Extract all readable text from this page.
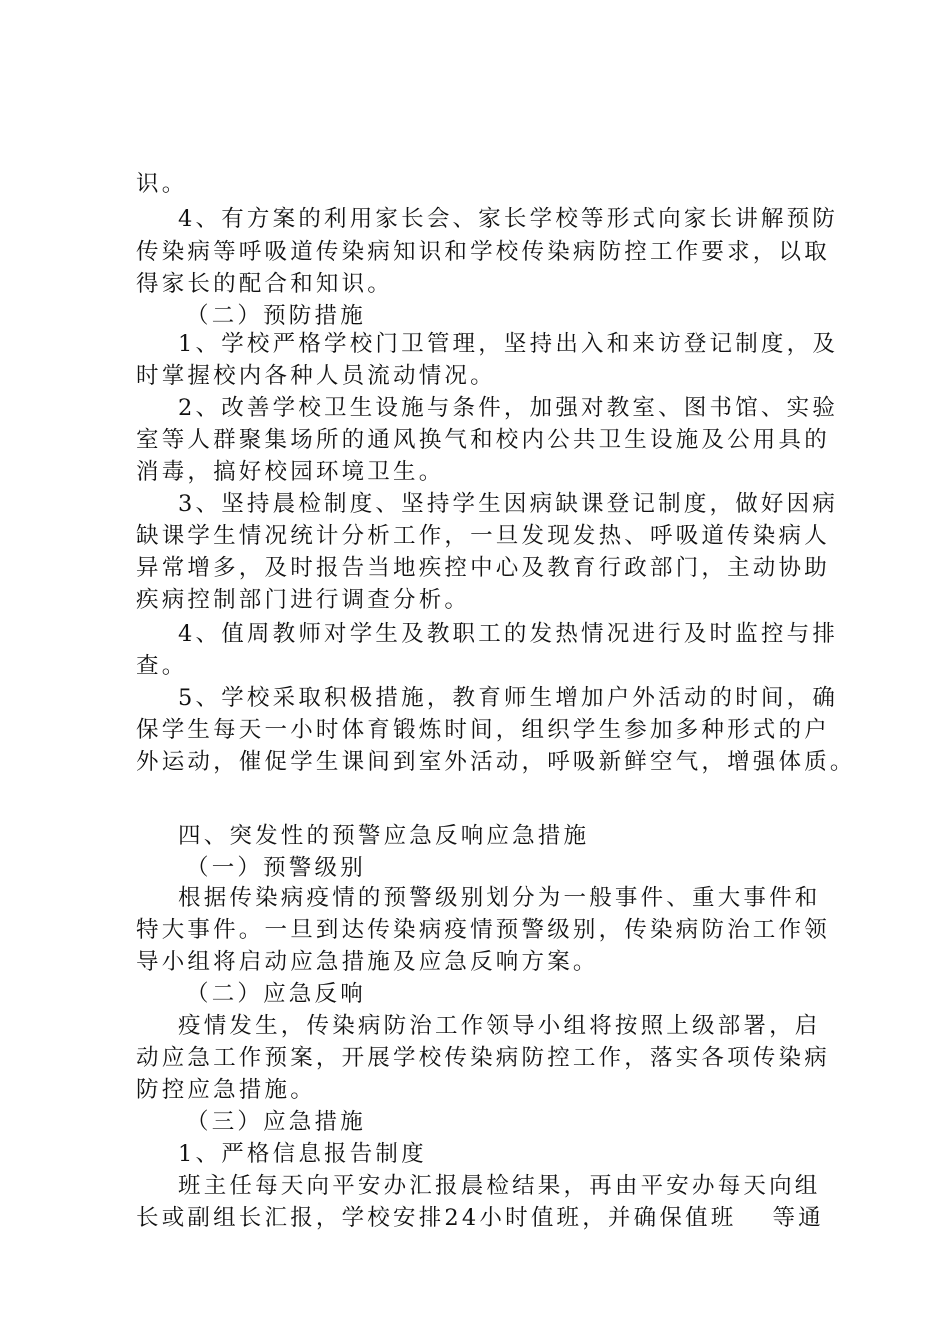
识。
4、有方案的利用家长会、家长学校等形式向家长讲解预防
传染病等呼吸道传染病知识和学校传染病防控工作要求，以取
得家长的配合和知识。
（二）预防措施
1、学校严格学校门卫管理，坚持出入和来访登记制度，及
时掌握校内各种人员流动情况。
2、改善学校卫生设施与条件，加强对教室、图书馆、实验
室等人群聚集场所的通风换气和校内公共卫生设施及公用具的
消毒，搞好校园环境卫生。
3、坚持晨检制度、坚持学生因病缺课登记制度，做好因病
缺课学生情况统计分析工作，一旦发现发热、呼吸道传染病人
异常增多，及时报告当地疾控中心及教育行政部门，主动协助
疾病控制部门进行调查分析。
4、值周教师对学生及教职工的发热情况进行及时监控与排
查。
5、学校采取积极措施，教育师生增加户外活动的时间，确
保学生每天一小时体育锻炼时间，组织学生参加多种形式的户
外运动，催促学生课间到室外活动，呼吸新鲜空气，增强体质。
四、突发性的预警应急反响应急措施
（一）预警级别
根据传染病疫情的预警级别划分为一般事件、重大事件和
特大事件。一旦到达传染病疫情预警级别，传染病防治工作领
导小组将启动应急措施及应急反响方案。
（二）应急反响
疫情发生，传染病防治工作领导小组将按照上级部署，启
动应急工作预案，开展学校传染病防控工作，落实各项传染病
防控应急措施。
（三）应急措施
1、严格信息报告制度
班主任每天向平安办汇报晨检结果，再由平安办每天向组
长或副组长汇报，学校安排24小时值班，并确保值班　 等通
